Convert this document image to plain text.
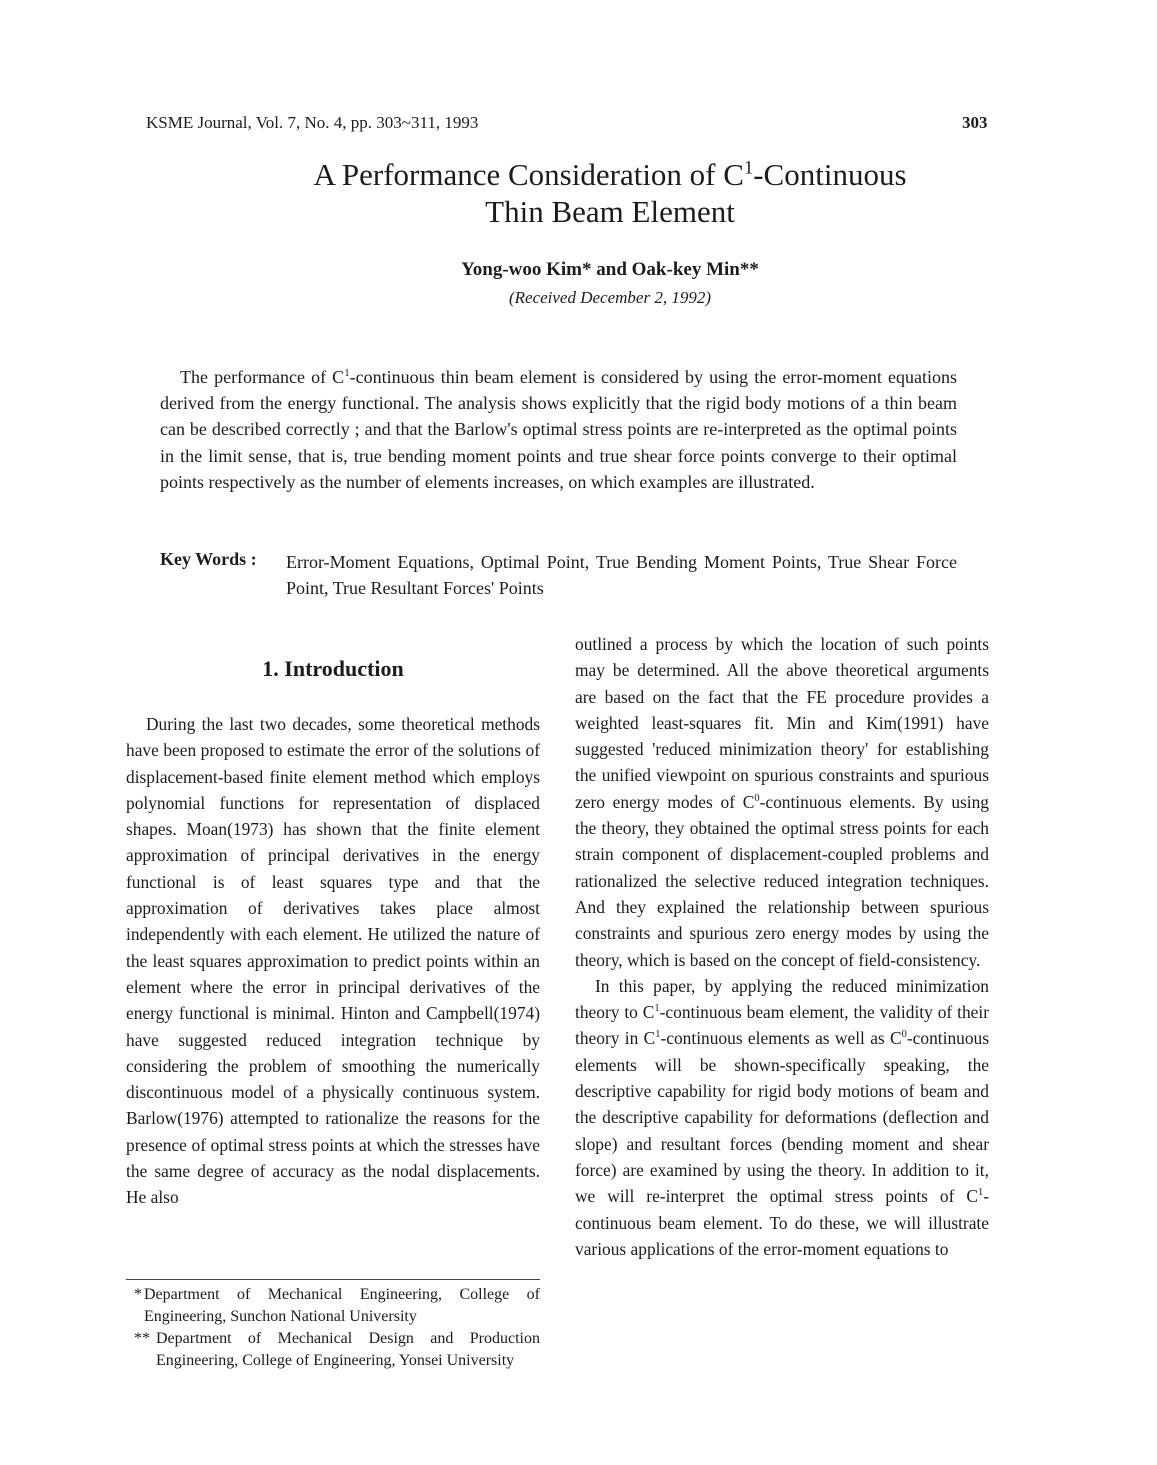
KSME Journal, Vol. 7, No. 4, pp. 303~311, 1993	303
A Performance Consideration of $C^1$-Continuous
Thin Beam Element
Yong-woo Kim* and Oak-key Min**
(Received December 2, 1992)
The performance of $C^1$-continuous thin beam element is considered by using the error-moment equations derived from the energy functional. The analysis shows explicitly that the rigid body motions of a thin beam can be described correctly ; and that the Barlow's optimal stress points are re-interpreted as the optimal points in the limit sense, that is, true bending moment points and true shear force points converge to their optimal points respectively as the number of elements increases, on which examples are illustrated.
Key Words : Error-Moment Equations, Optimal Point, True Bending Moment Points, True Shear Force Point, True Resultant Forces' Points
1. Introduction

During the last two decades, some theoretical methods have been proposed to estimate the error of the solutions of displacement-based finite element method which employs polynomial functions for representation of displaced shapes. Moan(1973) has shown that the finite element approximation of principal derivatives in the energy functional is of least squares type and that the approximation of derivatives takes place almost independently with each element. He utilized the nature of the least squares approximation to predict points within an element where the error in principal derivatives of the energy functional is minimal. Hinton and Campbell(1974) have suggested reduced integration technique by considering the problem of smoothing the numerically discontinuous model of a physically continuous system. Barlow(1976) attempted to rationalize the reasons for the presence of optimal stress points at which the stresses have the same degree of accuracy as the nodal displacements. He also

outlined a process by which the location of such points may be determined. All the above theoretical arguments are based on the fact that the FE procedure provides a weighted least-squares fit. Min and Kim(1991) have suggested 'reduced minimization theory' for establishing the unified viewpoint on spurious constraints and spurious zero energy modes of $C^0$-continuous elements. By using the theory, they obtained the optimal stress points for each strain component of displacement-coupled problems and rationalized the selective reduced integration techniques. And they explained the relationship between spurious constraints and spurious zero energy modes by using the theory, which is based on the concept of field-consistency.

In this paper, by applying the reduced minimization theory to $C^1$-continuous beam element, the validity of their theory in $C^1$-continuous elements as well as $C^0$-continuous elements will be shown-specifically speaking, the descriptive capability for rigid body motions of beam and the descriptive capability for deformations (deflection and slope) and resultant forces (bending moment and shear force) are examined by using the theory. In addition to it, we will re-interpret the optimal stress points of $C^1$-continuous beam element. To do these, we will illustrate various applications of the error-moment equations to

* Department of Mechanical Engineering, College of Engineering, Sunchon National University
** Department of Mechanical Design and Production Engineering, College of Engineering, Yonsei University
